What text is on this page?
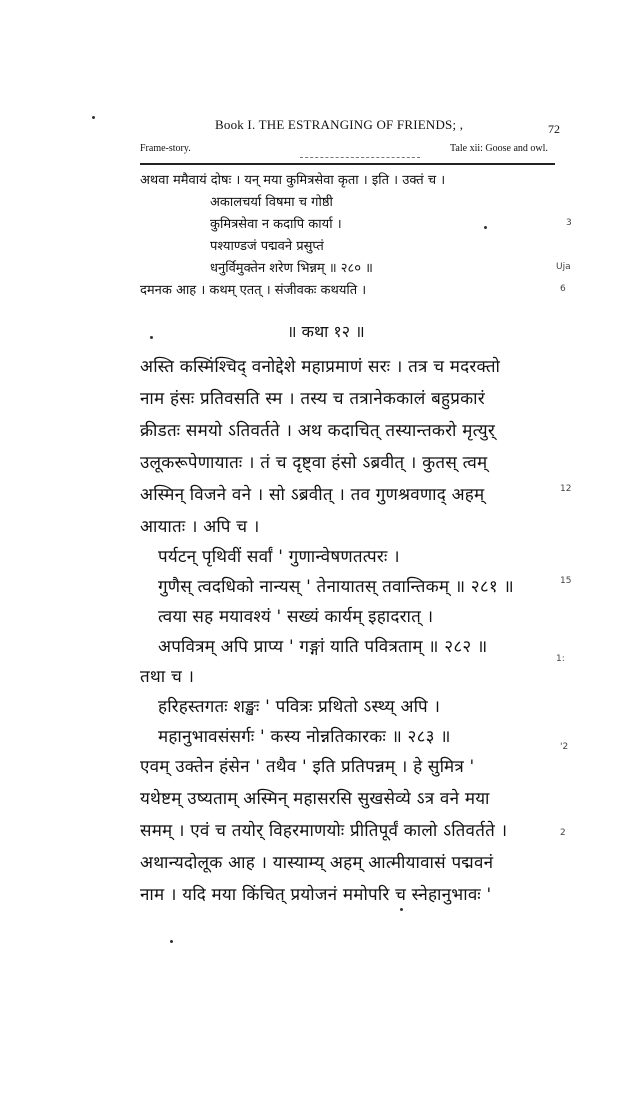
Book I. THE ESTRANGING OF FRIENDS; ,	72
Frame-story.	Tale xii: Goose and owl.
अथवा ममैवायं दोषः । यन् मया कुमित्रसेवा कृता । इति । उक्तं च ।
अकालचर्या विषमा च गोष्ठी
कुमित्रसेवा न कदापि कार्या ।
पश्याण्डजं पद्मवने प्रसुप्तं
धनुर्विमुक्तेन शरेण भिन्नम् ॥ २८० ॥
दमनक आह । कथम् एतत् । संजीवकः कथयति ।
॥ कथा १२ ॥
अस्ति कस्मिंश्चिद् वनोद्देशे महाप्रमाणं सरः । तत्र च मदरक्तो
नाम हंसः प्रतिवसति स्म । तस्य च तत्रानेककालं बहुप्रकारं
क्रीडतः समयो ऽतिवर्तते । अथ कदाचित् तस्यान्तकरो मृत्युर्
उलूकरूपेणायातः । तं च दृष्ट्वा हंसो ऽब्रवीत् । कुतस् त्वम्
अस्मिन् विजने वने । सो ऽब्रवीत् । तव गुणश्रवणाद् अहम्
आयातः । अपि च ।
पर्यटन् पृथिवीं सर्वां ' गुणान्वेषणतत्परः ।
गुणैस् त्वदधिको नान्यस् ' तेनायातस् तवान्तिकम् ॥ २८१ ॥
त्वया सह मयावश्यं ' सख्यं कार्यम् इहादरात् ।
अपवित्रम् अपि प्राप्य ' गङ्गां याति पवित्रताम् ॥ २८२ ॥
तथा च ।
हरिहस्तगतः शङ्खः ' पवित्रः प्रथितो ऽस्थ्य् अपि ।
महानुभावसंसर्गः ' कस्य नोन्नतिकारकः ॥ २८३ ॥
एवम् उक्तेन हंसेन ' तथैव ' इति प्रतिपन्नम् । हे सुमित्र '
यथेष्टम् उष्यताम् अस्मिन् महासरसि सुखसेव्ये ऽत्र वने मया
समम् । एवं च तयोर् विहरमाणयोः प्रीतिपूर्वं कालो ऽतिवर्तते ।
अथान्यदोलूक आह । यास्याम्य् अहम् आत्मीयावासं पद्मवनं
नाम । यदि मया किंचित् प्रयोजनं ममोपरि च स्नेहानुभावः '
3
Uja
6
12
15
1:
'2
2
